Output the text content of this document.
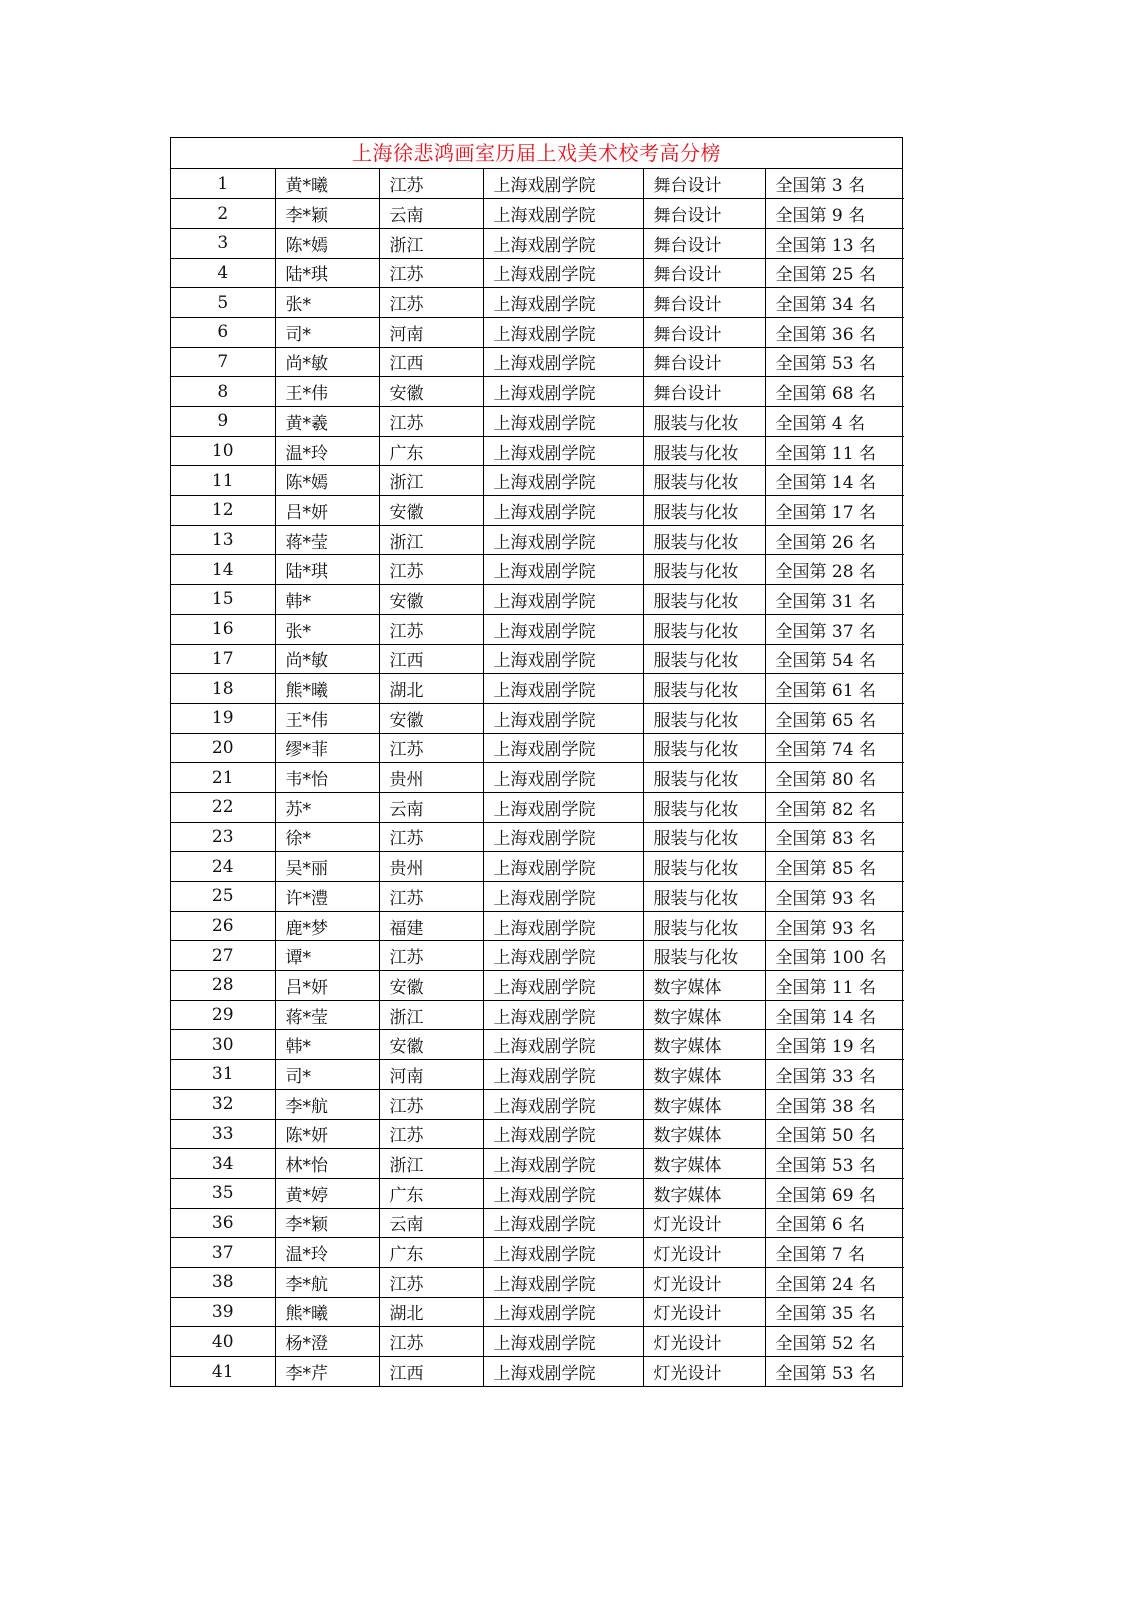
上海徐悲鸿画室历届上戏美术校考高分榜
1	黄*曦	江苏	上海戏剧学院	舞台设计	全国第 3 名
2	李*颖	云南	上海戏剧学院	舞台设计	全国第 9 名
3	陈*嫣	浙江	上海戏剧学院	舞台设计	全国第 13 名
4	陆*琪	江苏	上海戏剧学院	舞台设计	全国第 25 名
5	张*	江苏	上海戏剧学院	舞台设计	全国第 34 名
6	司*	河南	上海戏剧学院	舞台设计	全国第 36 名
7	尚*敏	江西	上海戏剧学院	舞台设计	全国第 53 名
8	王*伟	安徽	上海戏剧学院	舞台设计	全国第 68 名
9	黄*羲	江苏	上海戏剧学院	服装与化妆	全国第 4 名
10	温*玲	广东	上海戏剧学院	服装与化妆	全国第 11 名
11	陈*嫣	浙江	上海戏剧学院	服装与化妆	全国第 14 名
12	吕*妍	安徽	上海戏剧学院	服装与化妆	全国第 17 名
13	蒋*莹	浙江	上海戏剧学院	服装与化妆	全国第 26 名
14	陆*琪	江苏	上海戏剧学院	服装与化妆	全国第 28 名
15	韩*	安徽	上海戏剧学院	服装与化妆	全国第 31 名
16	张*	江苏	上海戏剧学院	服装与化妆	全国第 37 名
17	尚*敏	江西	上海戏剧学院	服装与化妆	全国第 54 名
18	熊*曦	湖北	上海戏剧学院	服装与化妆	全国第 61 名
19	王*伟	安徽	上海戏剧学院	服装与化妆	全国第 65 名
20	缪*菲	江苏	上海戏剧学院	服装与化妆	全国第 74 名
21	韦*怡	贵州	上海戏剧学院	服装与化妆	全国第 80 名
22	苏*	云南	上海戏剧学院	服装与化妆	全国第 82 名
23	徐*	江苏	上海戏剧学院	服装与化妆	全国第 83 名
24	吴*丽	贵州	上海戏剧学院	服装与化妆	全国第 85 名
25	许*澧	江苏	上海戏剧学院	服装与化妆	全国第 93 名
26	鹿*梦	福建	上海戏剧学院	服装与化妆	全国第 93 名
27	谭*	江苏	上海戏剧学院	服装与化妆	全国第 100 名
28	吕*妍	安徽	上海戏剧学院	数字媒体	全国第 11 名
29	蒋*莹	浙江	上海戏剧学院	数字媒体	全国第 14 名
30	韩*	安徽	上海戏剧学院	数字媒体	全国第 19 名
31	司*	河南	上海戏剧学院	数字媒体	全国第 33 名
32	李*航	江苏	上海戏剧学院	数字媒体	全国第 38 名
33	陈*妍	江苏	上海戏剧学院	数字媒体	全国第 50 名
34	林*怡	浙江	上海戏剧学院	数字媒体	全国第 53 名
35	黄*婷	广东	上海戏剧学院	数字媒体	全国第 69 名
36	李*颖	云南	上海戏剧学院	灯光设计	全国第 6 名
37	温*玲	广东	上海戏剧学院	灯光设计	全国第 7 名
38	李*航	江苏	上海戏剧学院	灯光设计	全国第 24 名
39	熊*曦	湖北	上海戏剧学院	灯光设计	全国第 35 名
40	杨*澄	江苏	上海戏剧学院	灯光设计	全国第 52 名
41	李*芹	江西	上海戏剧学院	灯光设计	全国第 53 名
